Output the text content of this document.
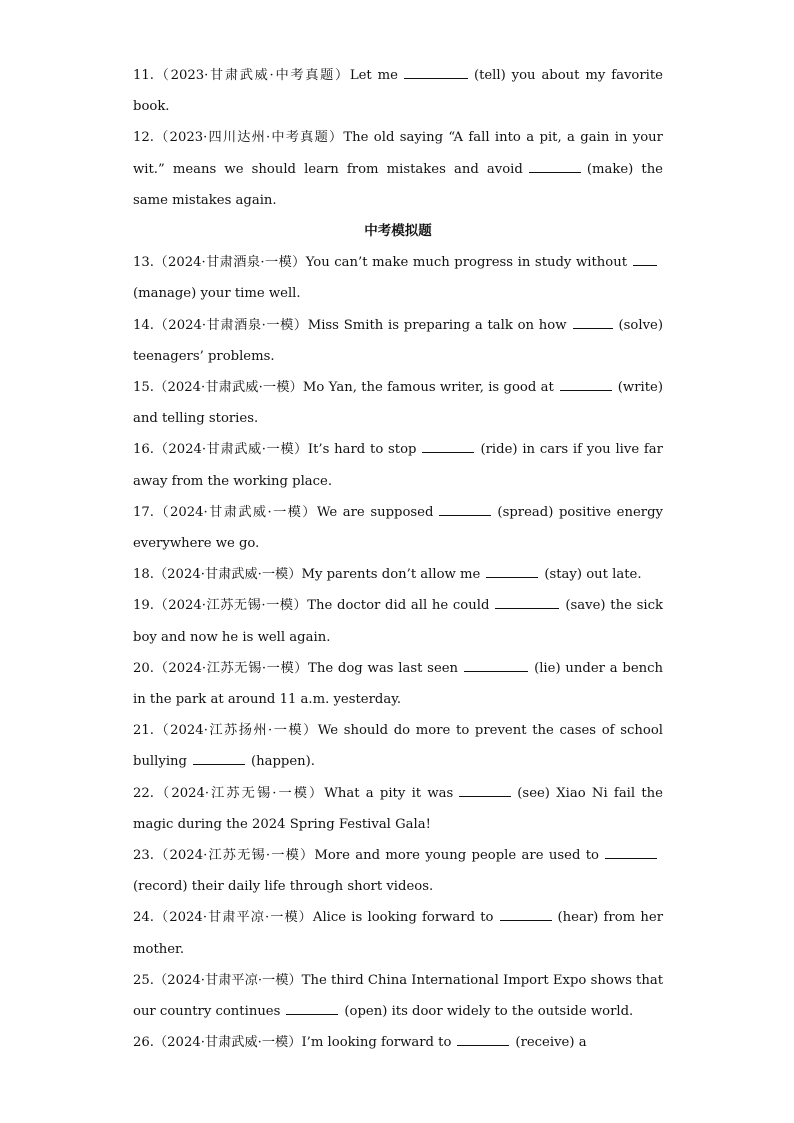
11.（2023·甘肃武威·中考真题）Let me	(tell) you about my favorite book.

12.（2023·四川达州·中考真题）The old saying “A fall into a pit, a gain in your wit.” means we should learn from mistakes and avoid	(make) the same mistakes again.

中考模拟题

13.（2024·甘肃酒泉·一模）You can’t make much progress in study without(manage) your time well.

14.（2024·甘肃酒泉·一模）Miss Smith is preparing a talk on how	(solve) teenagers’ problems.

15.（2024·甘肃武威·一模）Mo Yan, the famous writer, is good at	(write) and telling stories.

16.（2024·甘肃武威·一模）It’s hard to stop	(ride) in cars if you live far away from the working place.

17.（2024·甘肃武威·一模）We are supposed	(spread) positive energy everywhere we go.

18.（2024·甘肃武威·一模）My parents don’t allow me	(stay) out late.

19.（2024·江苏无锡·一模）The doctor did all he could	(save) the sick boy and now he is well again.

20.（2024·江苏无锡·一模）The dog was last seen	(lie) under a bench in the park at around 11 a.m. yesterday.

21.（2024·江苏扬州·一模）We should do more to prevent the cases of school bullying	(happen).

22.（2024·江苏无锡·一模）What a pity it was	(see) Xiao Ni fail the magic during the 2024 Spring Festival Gala!

23.（2024·江苏无锡·一模）More and more young people are used to(record) their daily life through short videos.

24.（2024·甘肃平凉·一模）Alice is looking forward to	(hear) from her mother.

25.（2024·甘肃平凉·一模）The third China International Import Expo shows that our country continues	(open) its door widely to the outside world.

26.（2024·甘肃武威·一模）I’m looking forward to	(receive) a
